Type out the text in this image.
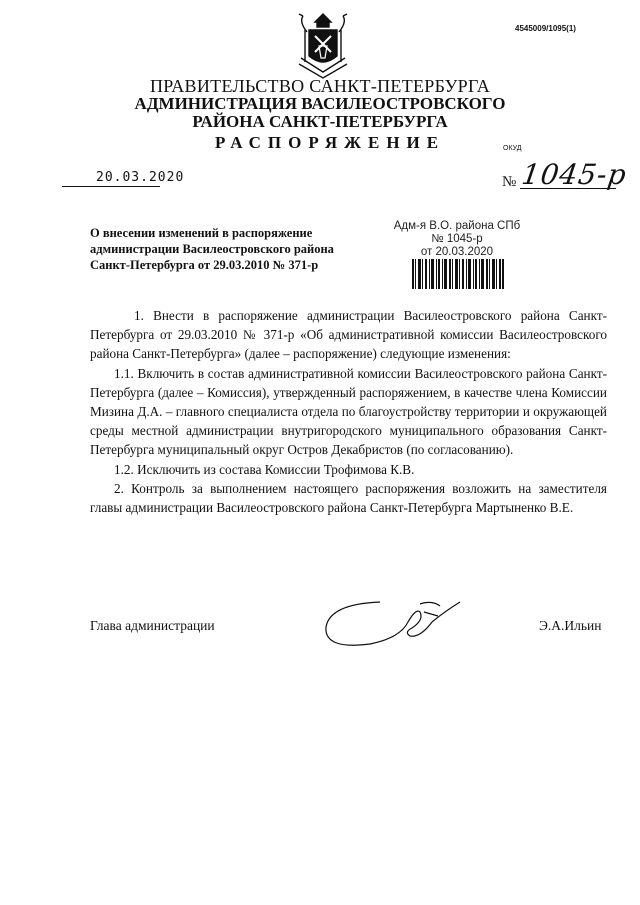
4545009/1095(1)
ПРАВИТЕЛЬСТВО САНКТ-ПЕТЕРБУРГА
АДМИНИСТРАЦИЯ ВАСИЛЕОСТРОВСКОГО
РАЙОНА САНКТ-ПЕТЕРБУРГА
РАСПОРЯЖЕНИЕ	ОКУД
20.03.2020	№ 1045-р
О внесении изменений в распоряжение
администрации Василеостровского района
Санкт-Петербурга от 29.03.2010 № 371-р
Адм-я В.О. района СПб
№ 1045-р
от 20.03.2020

1. Внести в распоряжение администрации Василеостровского района Санкт-Петербурга от 29.03.2010 № 371-р «Об административной комиссии Василеостровского района Санкт-Петербурга» (далее – распоряжение) следующие изменения:

1.1. Включить в состав административной комиссии Василеостровского района Санкт-Петербурга (далее – Комиссия), утвержденный распоряжением, в качестве члена Комиссии Мизина Д.А. – главного специалиста отдела по благоустройству территории и окружающей среды местной администрации внутригородского муниципального образования Санкт-Петербурга муниципальный округ Остров Декабристов (по согласованию).

1.2. Исключить из состава Комиссии Трофимова К.В.

2. Контроль за выполнением настоящего распоряжения возложить на заместителя главы администрации Василеостровского района Санкт-Петербурга Мартыненко В.Е.

Глава администрации	Э.А.Ильин
